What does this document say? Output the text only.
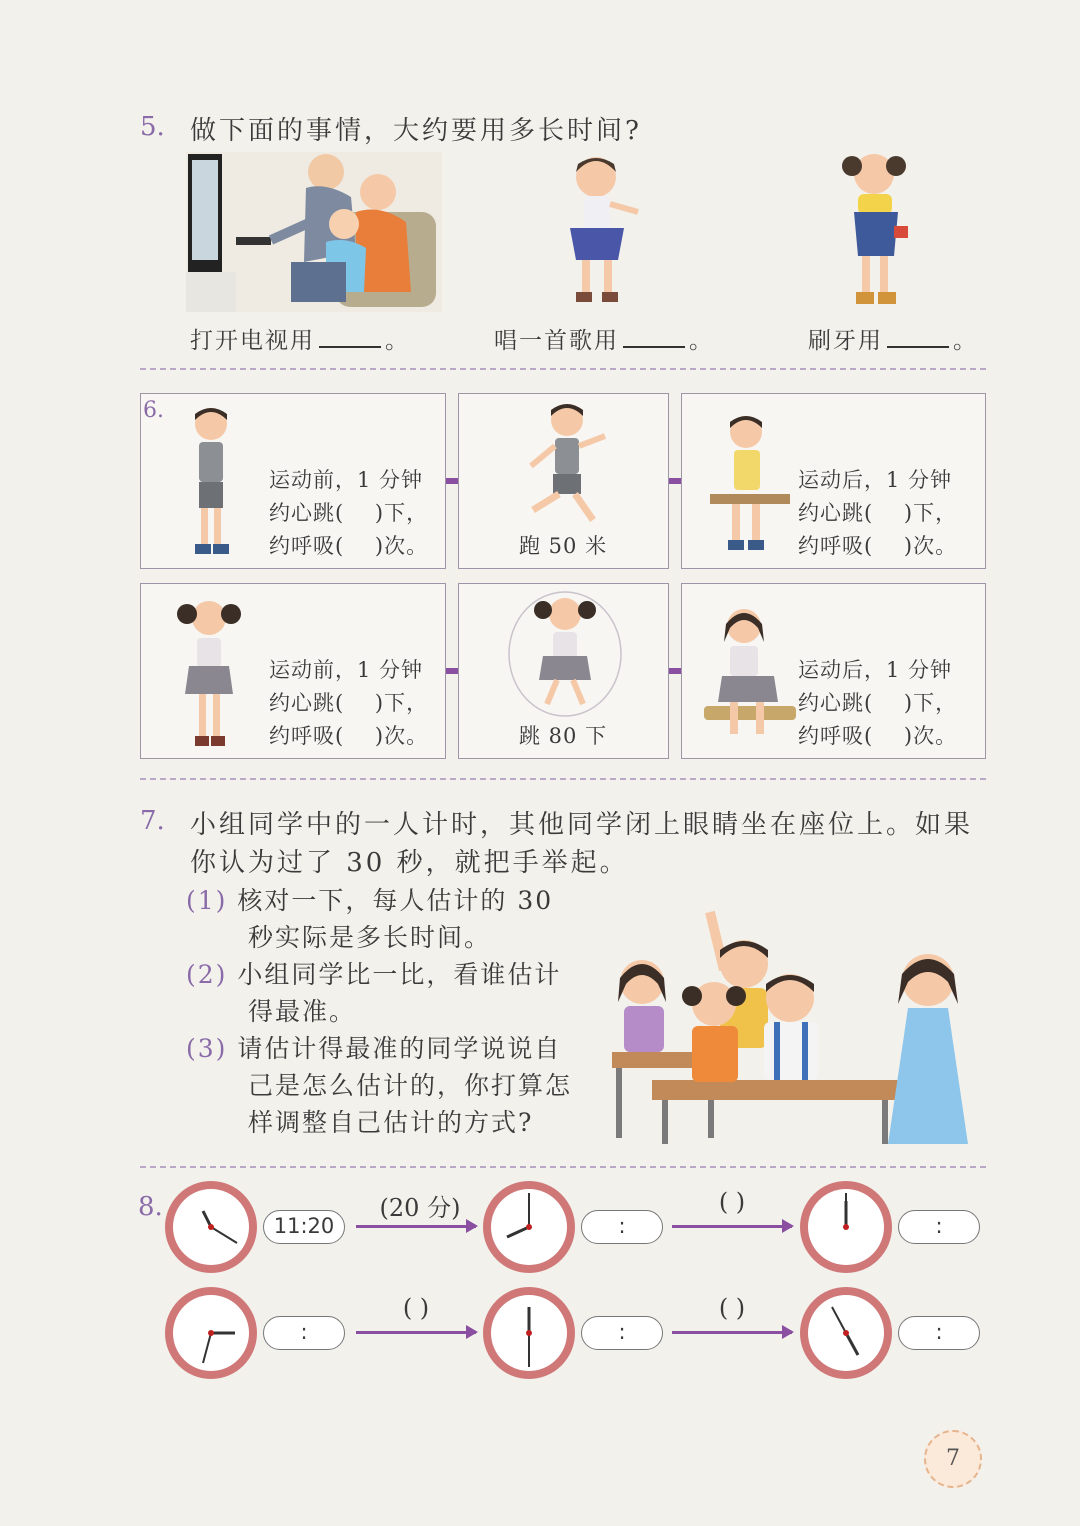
5. 做下面的事情，大约要用多长时间?
打开电视用	。	唱一首歌用	。	刷牙用	。
6.
运动前，1 分钟
约心跳(    )下，
约呼吸(    )次。	跑 50 米
运动后，1 分钟
约心跳(    )下，
约呼吸(    )次。
运动前，1 分钟
约心跳(    )下，
约呼吸(    )次。	跳 80 下
运动后，1 分钟
约心跳(    )下，
约呼吸(    )次。
7. 小组同学中的一人计时，其他同学闭上眼睛坐在座位上。如果
你认为过了 30 秒，就把手举起。
(1) 核对一下，每人估计的 30
秒实际是多长时间。
(2) 小组同学比一比，看谁估计
得最准。
(3) 请估计得最准的同学说说自
己是怎么估计的，你打算怎
样调整自己估计的方式?
8.
11:20
(20 分)
:
( )
:
:
( )
:
( )
:
7
